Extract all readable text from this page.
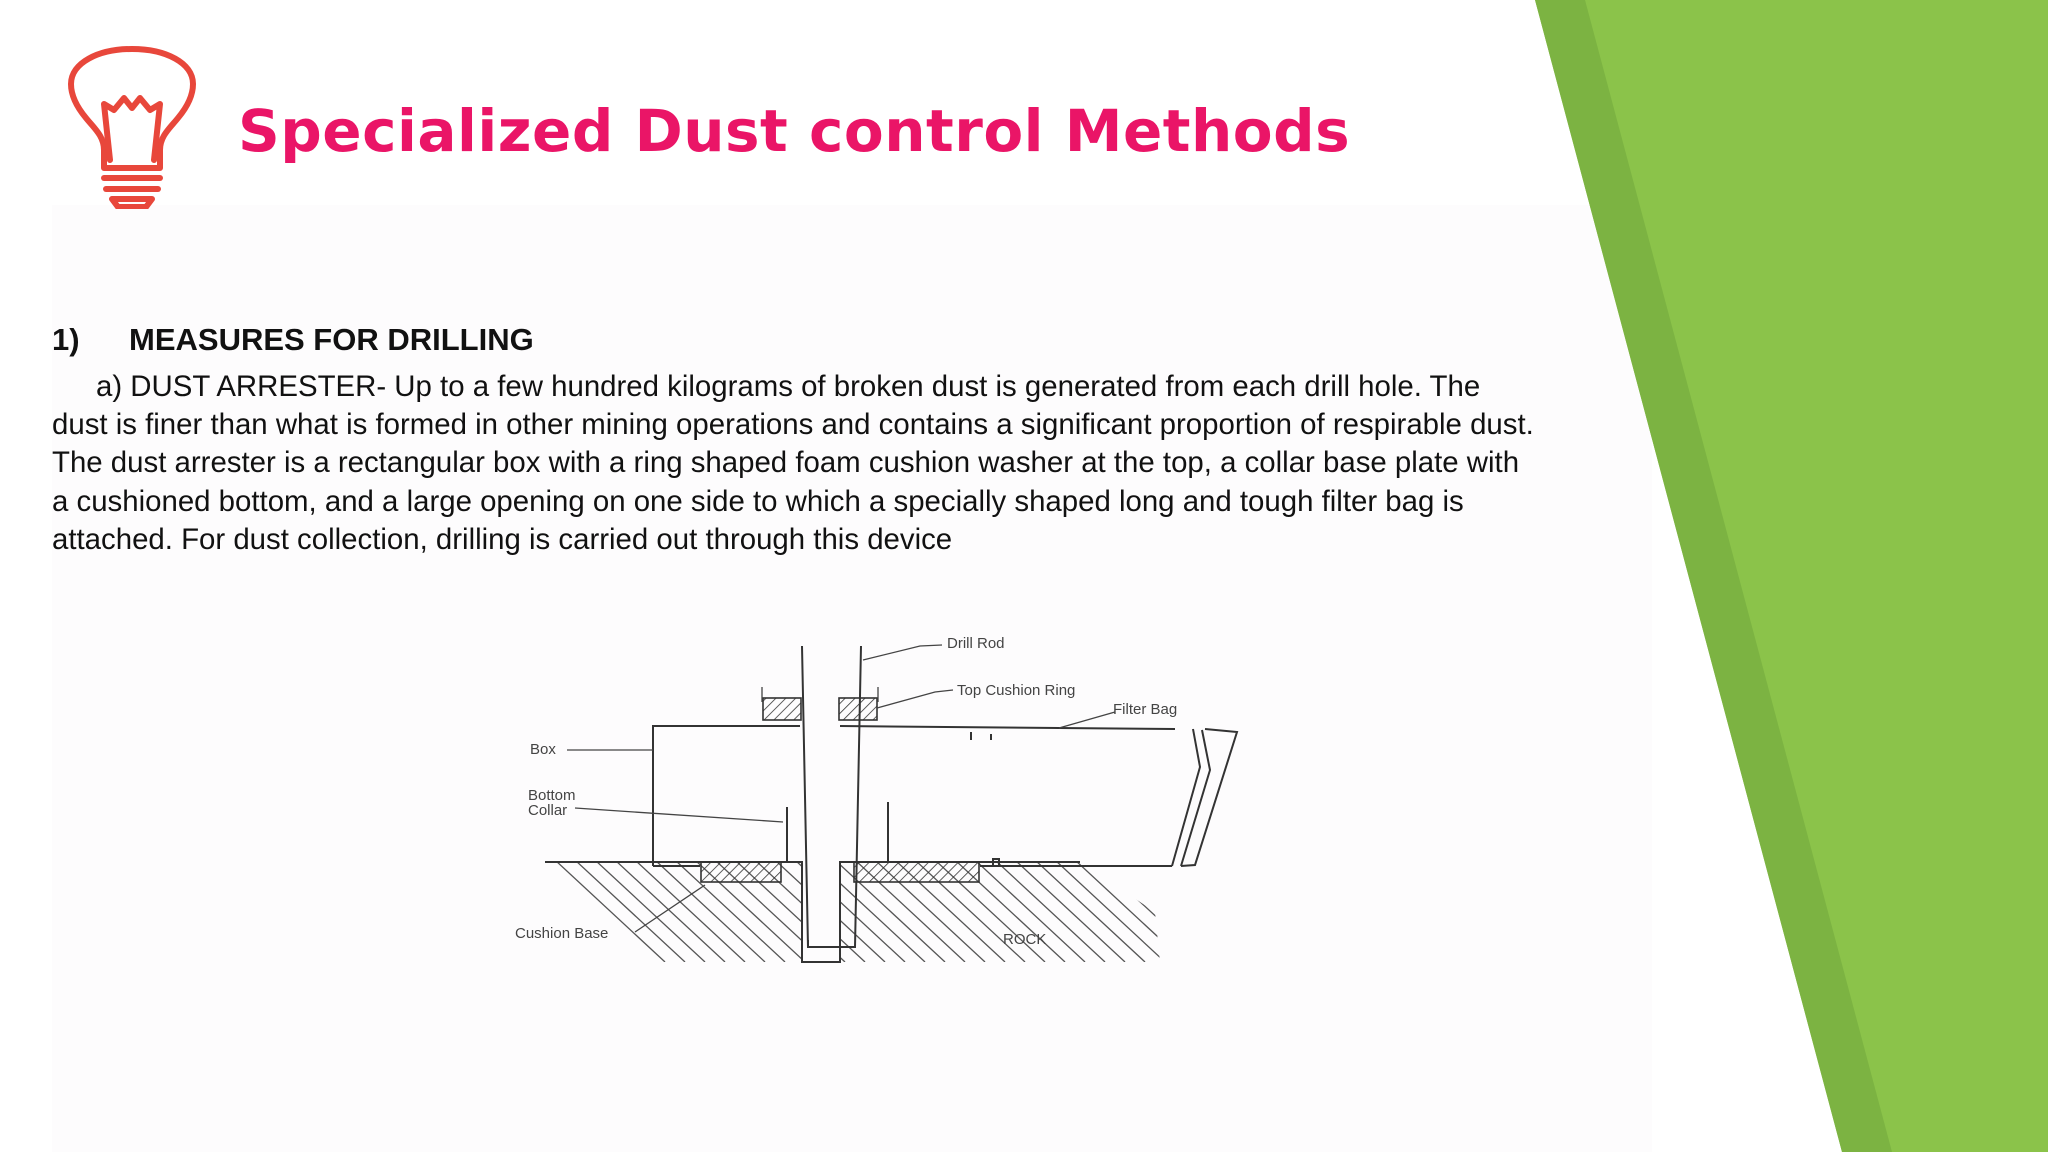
Specialized Dust control Methods
1) MEASURES FOR DRILLING
a) DUST ARRESTER- Up to a few hundred kilograms of broken dust is generated from each drill hole. The
dust is finer than what is formed in other mining operations and contains a significant proportion of respirable dust.
The dust arrester is a rectangular box with a ring shaped foam cushion washer at the top, a collar base plate with
a cushioned bottom, and a large opening on one side to which a specially shaped long and tough filter bag is
attached. For dust collection, drilling is carried out through this device
Drill Rod
Top Cushion Ring
Filter Bag
Box
Bottom
Collar
Cushion Base	ROCK
